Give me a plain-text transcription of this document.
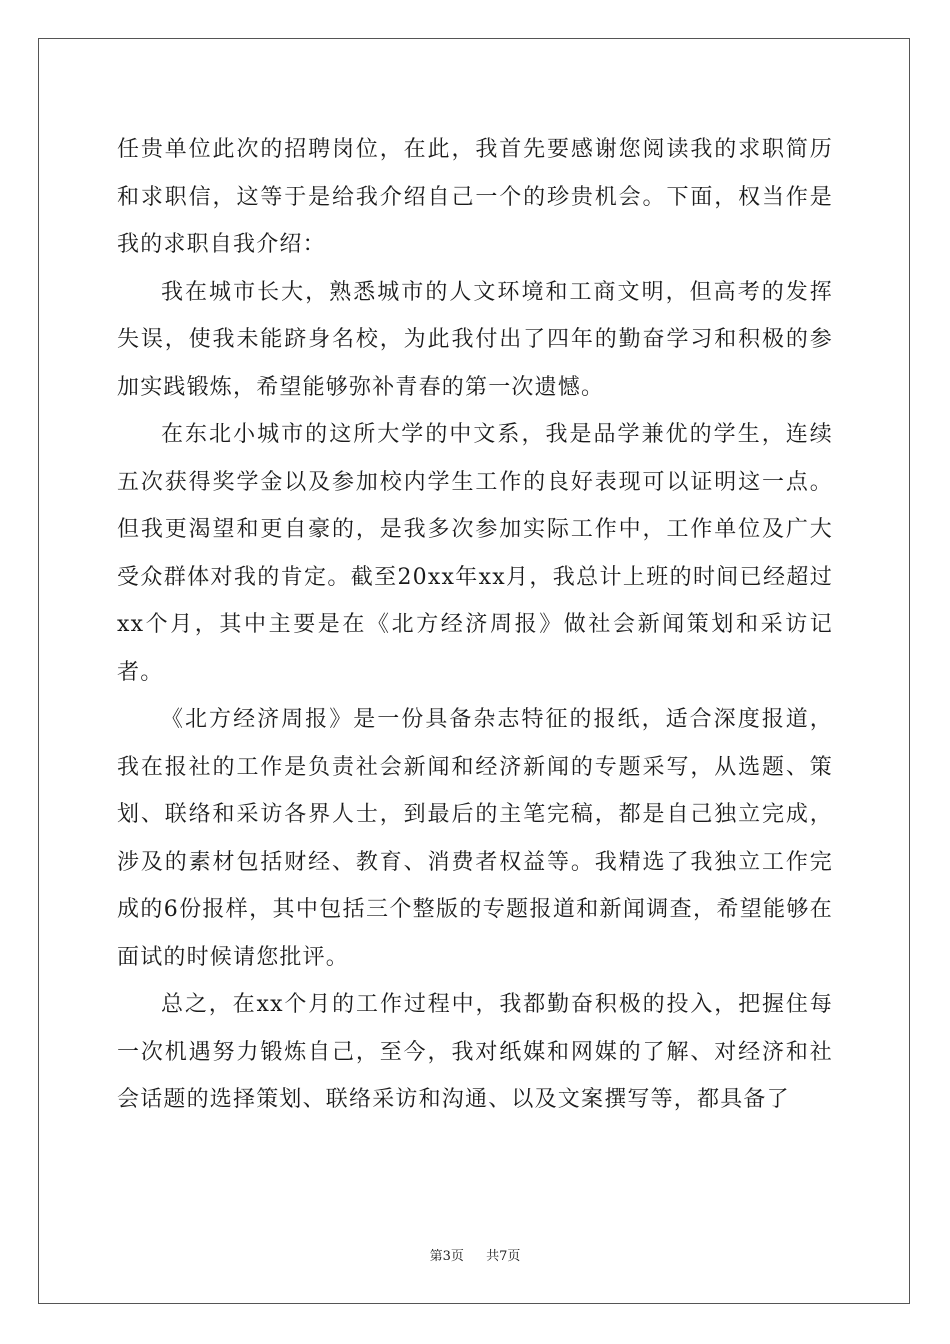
任贵单位此次的招聘岗位，在此，我首先要感谢您阅读我的求职简历和求职信，这等于是给我介绍自己一个的珍贵机会。下面，权当作是我的求职自我介绍：

我在城市长大，熟悉城市的人文环境和工商文明，但高考的发挥失误，使我未能跻身名校，为此我付出了四年的勤奋学习和积极的参加实践锻炼，希望能够弥补青春的第一次遗憾。

在东北小城市的这所大学的中文系，我是品学兼优的学生，连续五次获得奖学金以及参加校内学生工作的良好表现可以证明这一点。但我更渴望和更自豪的，是我多次参加实际工作中，工作单位及广大受众群体对我的肯定。截至20xx年xx月，我总计上班的时间已经超过xx个月，其中主要是在《北方经济周报》做社会新闻策划和采访记者。

《北方经济周报》是一份具备杂志特征的报纸，适合深度报道，我在报社的工作是负责社会新闻和经济新闻的专题采写，从选题、策划、联络和采访各界人士，到最后的主笔完稿，都是自己独立完成，涉及的素材包括财经、教育、消费者权益等。我精选了我独立工作完成的6份报样，其中包括三个整版的专题报道和新闻调查，希望能够在面试的时候请您批评。

总之，在xx个月的工作过程中，我都勤奋积极的投入，把握住每一次机遇努力锻炼自己，至今，我对纸媒和网媒的了解、对经济和社会话题的选择策划、联络采访和沟通、以及文案撰写等，都具备了

第3页 共7页
